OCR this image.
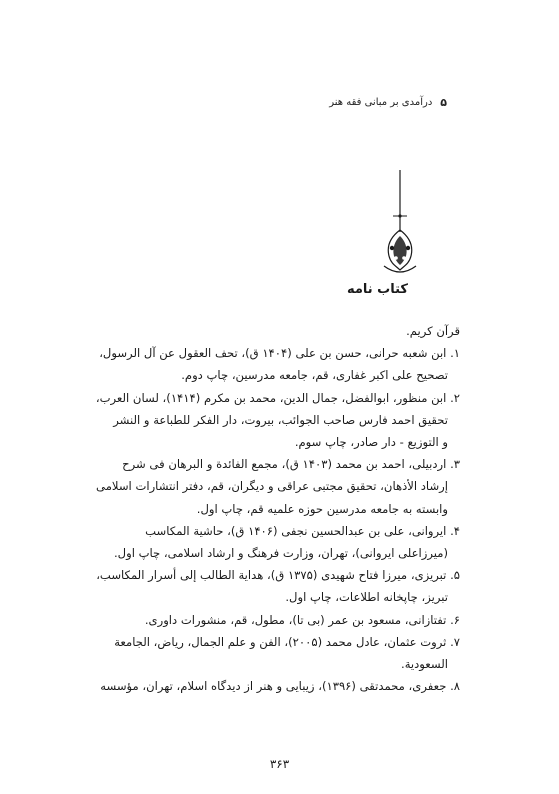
۵
درآمدی بر مبانی فقه هنر
کتاب نامه

قرآن کریم.

۱. ابن شعبه حرانی، حسن بن علی (۱۴۰۴ ق)، تحف العقول عن آل الرسول،

تصحیح علی اکبر غفاری، قم، جامعه مدرسین، چاپ دوم.

۲. ابن منظور، ابوالفضل، جمال الدین، محمد بن مکرم (۱۴۱۴)، لسان العرب،

تحقیق احمد فارس صاحب الجوائب، بیروت، دار الفکر للطباعة و النشر

و التوزیع - دار صادر، چاپ سوم.

۳. اردبیلی، احمد بن محمد (۱۴۰۳ ق)، مجمع الفائدة و البرهان فی شرح

إرشاد الأذهان، تحقیق مجتبی عراقی و دیگران، قم، دفتر انتشارات اسلامی

وابسته به جامعه مدرسین حوزه علمیه قم، چاپ اول.

۴. ایروانی، علی بن عبدالحسین نجفی (۱۴۰۶ ق)، حاشیة المکاسب

(میرزاعلی ایروانی)، تهران، وزارت فرهنگ و ارشاد اسلامی، چاپ اول.

۵. تبریزی، میرزا فتاح شهیدی (۱۳۷۵ ق)، هدایة الطالب إلی أسرار المکاسب،

تبریز، چاپخانه اطلاعات، چاپ اول.

۶. تفتازانی، مسعود بن عمر (بی تا)، مطول، قم، منشورات داوری.

۷. ثروت عثمان، عادل محمد (۲۰۰۵)، الفن و علم الجمال، ریاض، الجامعة

السعودیة.

۸. جعفری، محمدتقی (۱۳۹۶)، زیبایی و هنر از دیدگاه اسلام، تهران، مؤسسه

۳۶۳
